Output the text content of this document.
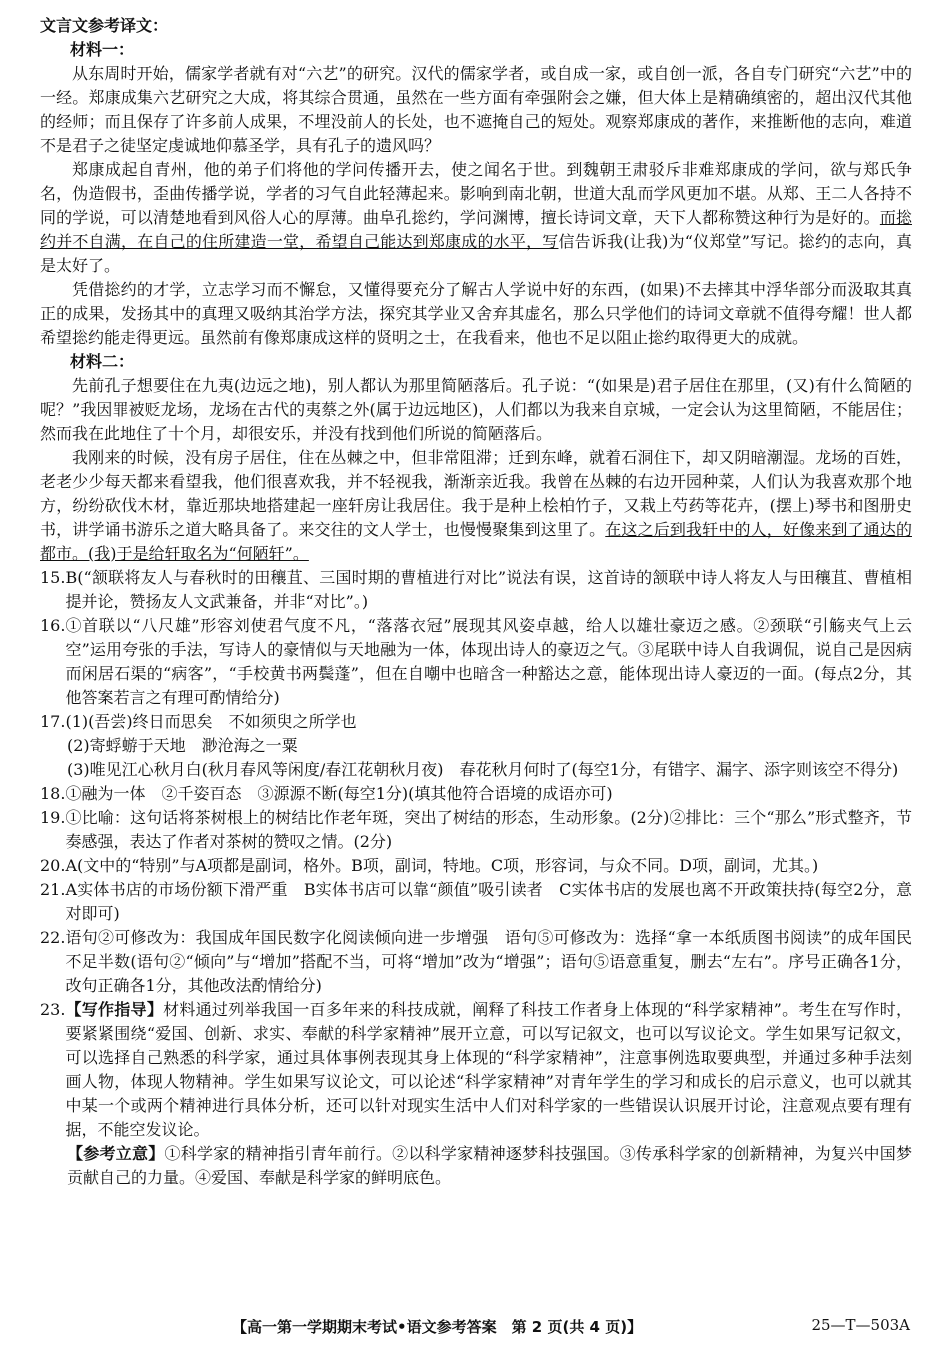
文言文参考译文：
材料一：

从东周时开始，儒家学者就有对“六艺”的研究。汉代的儒家学者，或自成一家，或自创一派，各自专门研究“六艺”中的一经。郑康成集六艺研究之大成，将其综合贯通，虽然在一些方面有牵强附会之嫌，但大体上是精确缜密的，超出汉代其他的经师；而且保存了许多前人成果，不埋没前人的长处，也不遮掩自己的短处。观察郑康成的著作，来推断他的志向，难道不是君子之徒坚定虔诚地仰慕圣学，具有孔子的遗风吗？

郑康成起自青州，他的弟子们将他的学问传播开去，使之闻名于世。到魏朝王肃驳斥非难郑康成的学问，欲与郑氏争名，伪造假书，歪曲传播学说，学者的习气自此轻薄起来。影响到南北朝，世道大乱而学风更加不堪。从郑、王二人各持不同的学说，可以清楚地看到风俗人心的厚薄。曲阜孔捴约，学问渊博，擅长诗词文章，天下人都称赞这种行为是好的。而捴约并不自满，在自己的住所建造一堂，希望自己能达到郑康成的水平，写信告诉我(让我)为“仪郑堂”写记。捴约的志向，真是太好了。

凭借捴约的才学，立志学习而不懈怠，又懂得要充分了解古人学说中好的东西，(如果)不去摔其中浮华部分而汲取其真正的成果，发扬其中的真理又吸纳其治学方法，探究其学业又舍弃其虚名，那么只学他们的诗词文章就不值得夸耀！世人都希望捴约能走得更远。虽然前有像郑康成这样的贤明之士，在我看来，他也不足以阻止捴约取得更大的成就。

材料二：

先前孔子想要住在九夷(边远之地)，别人都认为那里简陋落后。孔子说：“(如果是)君子居住在那里，(又)有什么简陋的呢？”我因罪被贬龙场，龙场在古代的夷蔡之外(属于边远地区)，人们都以为我来自京城，一定会认为这里简陋，不能居住；然而我在此地住了十个月，却很安乐，并没有找到他们所说的简陋落后。

我刚来的时候，没有房子居住，住在丛棘之中，但非常阻滞；迁到东峰，就着石洞住下，却又阴暗潮湿。龙场的百姓，老老少少每天都来看望我，他们很喜欢我，并不轻视我，渐渐亲近我。我曾在丛棘的右边开园种菜，人们认为我喜欢那个地方，纷纷砍伐木材，靠近那块地搭建起一座轩房让我居住。我于是种上桧柏竹子，又栽上芍药等花卉，(摆上)琴书和图册史书，讲学诵书游乐之道大略具备了。来交往的文人学士，也慢慢聚集到这里了。在这之后到我轩中的人，好像来到了通达的都市。(我)于是给轩取名为“何陋轩”。

15. B(“颔联将友人与春秋时的田穰苴、三国时期的曹植进行对比”说法有误，这首诗的颔联中诗人将友人与田穰苴、曹植相提并论，赞扬友人文武兼备，并非“对比”。)
16. ①首联以“八尺雄”形容刘使君气度不凡，“落落衣冠”展现其风姿卓越，给人以雄壮豪迈之感。②颈联“引觞夹气上云空”运用夸张的手法，写诗人的豪情似与天地融为一体，体现出诗人的豪迈之气。③尾联中诗人自我调侃，说自己是因病而闲居石渠的“病客”，“手校黄书两鬓蓬”，但在自嘲中也暗含一种豁达之意，能体现出诗人豪迈的一面。(每点2分，其他答案若言之有理可酌情给分)
17. (1)(吾尝)终日而思矣　不如须臾之所学也
(2)寄蜉蝣于天地　渺沧海之一粟
(3)唯见江心秋月白(秋月春风等闲度/春江花朝秋月夜)　春花秋月何时了(每空1分，有错字、漏字、添字则该空不得分)
18. ①融为一体　②千姿百态　③源源不断(每空1分)(填其他符合语境的成语亦可)
19. ①比喻：这句话将茶树根上的树结比作老年斑，突出了树结的形态，生动形象。(2分)②排比：三个“那么”形式整齐，节奏感强，表达了作者对茶树的赞叹之情。(2分)
20. A(文中的“特别”与A项都是副词，格外。B项，副词，特地。C项，形容词，与众不同。D项，副词，尤其。)
21. A实体书店的市场份额下滑严重　B实体书店可以靠“颜值”吸引读者　C实体书店的发展也离不开政策扶持(每空2分，意对即可)
22. 语句②可修改为：我国成年国民数字化阅读倾向进一步增强　语句⑤可修改为：选择“拿一本纸质图书阅读”的成年国民不足半数(语句②“倾向”与“增加”搭配不当，可将“增加”改为“增强”；语句⑤语意重复，删去“左右”。序号正确各1分，改句正确各1分，其他改法酌情给分)
23. 【写作指导】材料通过列举我国一百多年来的科技成就，阐释了科技工作者身上体现的“科学家精神”。考生在写作时，要紧紧围绕“爱国、创新、求实、奉献的科学家精神”展开立意，可以写记叙文，也可以写议论文。学生如果写记叙文，可以选择自己熟悉的科学家，通过具体事例表现其身上体现的“科学家精神”，注意事例选取要典型，并通过多种手法刻画人物，体现人物精神。学生如果写议论文，可以论述“科学家精神”对青年学生的学习和成长的启示意义，也可以就其中某一个或两个精神进行具体分析，还可以针对现实生活中人们对科学家的一些错误认识展开讨论，注意观点要有理有据，不能空发议论。
【参考立意】①科学家的精神指引青年前行。②以科学家精神逐梦科技强国。③传承科学家的创新精神，为复兴中国梦贡献自己的力量。④爱国、奉献是科学家的鲜明底色。
【高一第一学期期末考试•语文参考答案　第 2 页(共 4 页)】	25—T—503A
